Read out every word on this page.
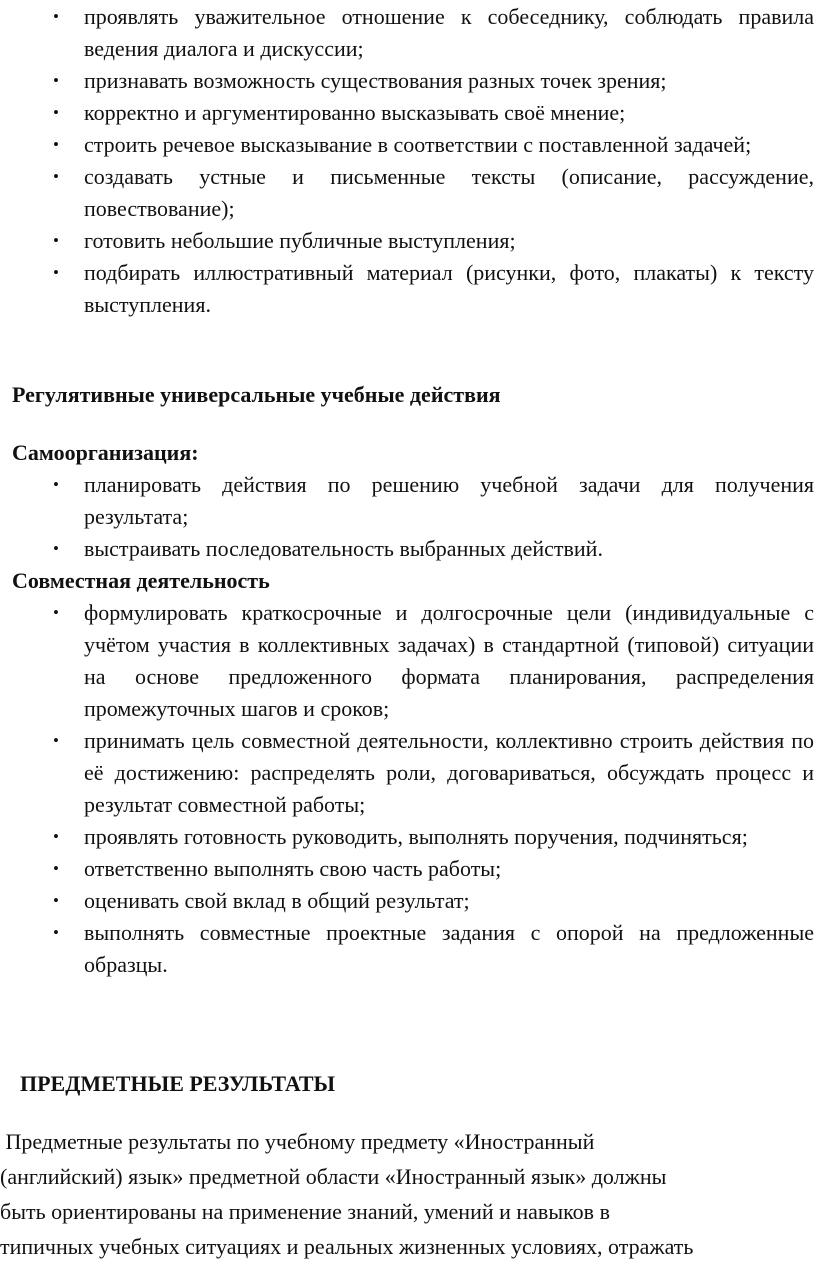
• проявлять уважительное отношение к собеседнику, соблюдать правила ведения диалога и дискуссии;
• признавать возможность существования разных точек зрения;
• корректно и аргументированно высказывать своё мнение;
• строить речевое высказывание в соответствии с поставленной задачей;
• создавать устные и письменные тексты (описание, рассуждение, повествование);
• готовить небольшие публичные выступления;
• подбирать иллюстративный материал (рисунки, фото, плакаты) к тексту выступления.
Регулятивные универсальные учебные действия
Самоорганизация:
• планировать действия по решению учебной задачи для получения результата;
• выстраивать последовательность выбранных действий.
Совместная деятельность
• формулировать краткосрочные и долгосрочные цели (индивидуальные с учётом участия в коллективных задачах) в стандартной (типовой) ситуации на основе предложенного формата планирования, распределения промежуточных шагов и сроков;
• принимать цель совместной деятельности, коллективно строить действия по её достижению: распределять роли, договариваться, обсуждать процесс и результат совместной работы;
• проявлять готовность руководить, выполнять поручения, подчиняться;
• ответственно выполнять свою часть работы;
• оценивать свой вклад в общий результат;
• выполнять совместные проектные задания с опорой на предложенные образцы.
ПРЕДМЕТНЫЕ РЕЗУЛЬТАТЫ
Предметные результаты по учебному предмету «Иностранный
(английский) язык» предметной области «Иностранный язык» должны
быть ориентированы на применение знаний, умений и навыков в
типичных учебных ситуациях и реальных жизненных условиях, отражать
